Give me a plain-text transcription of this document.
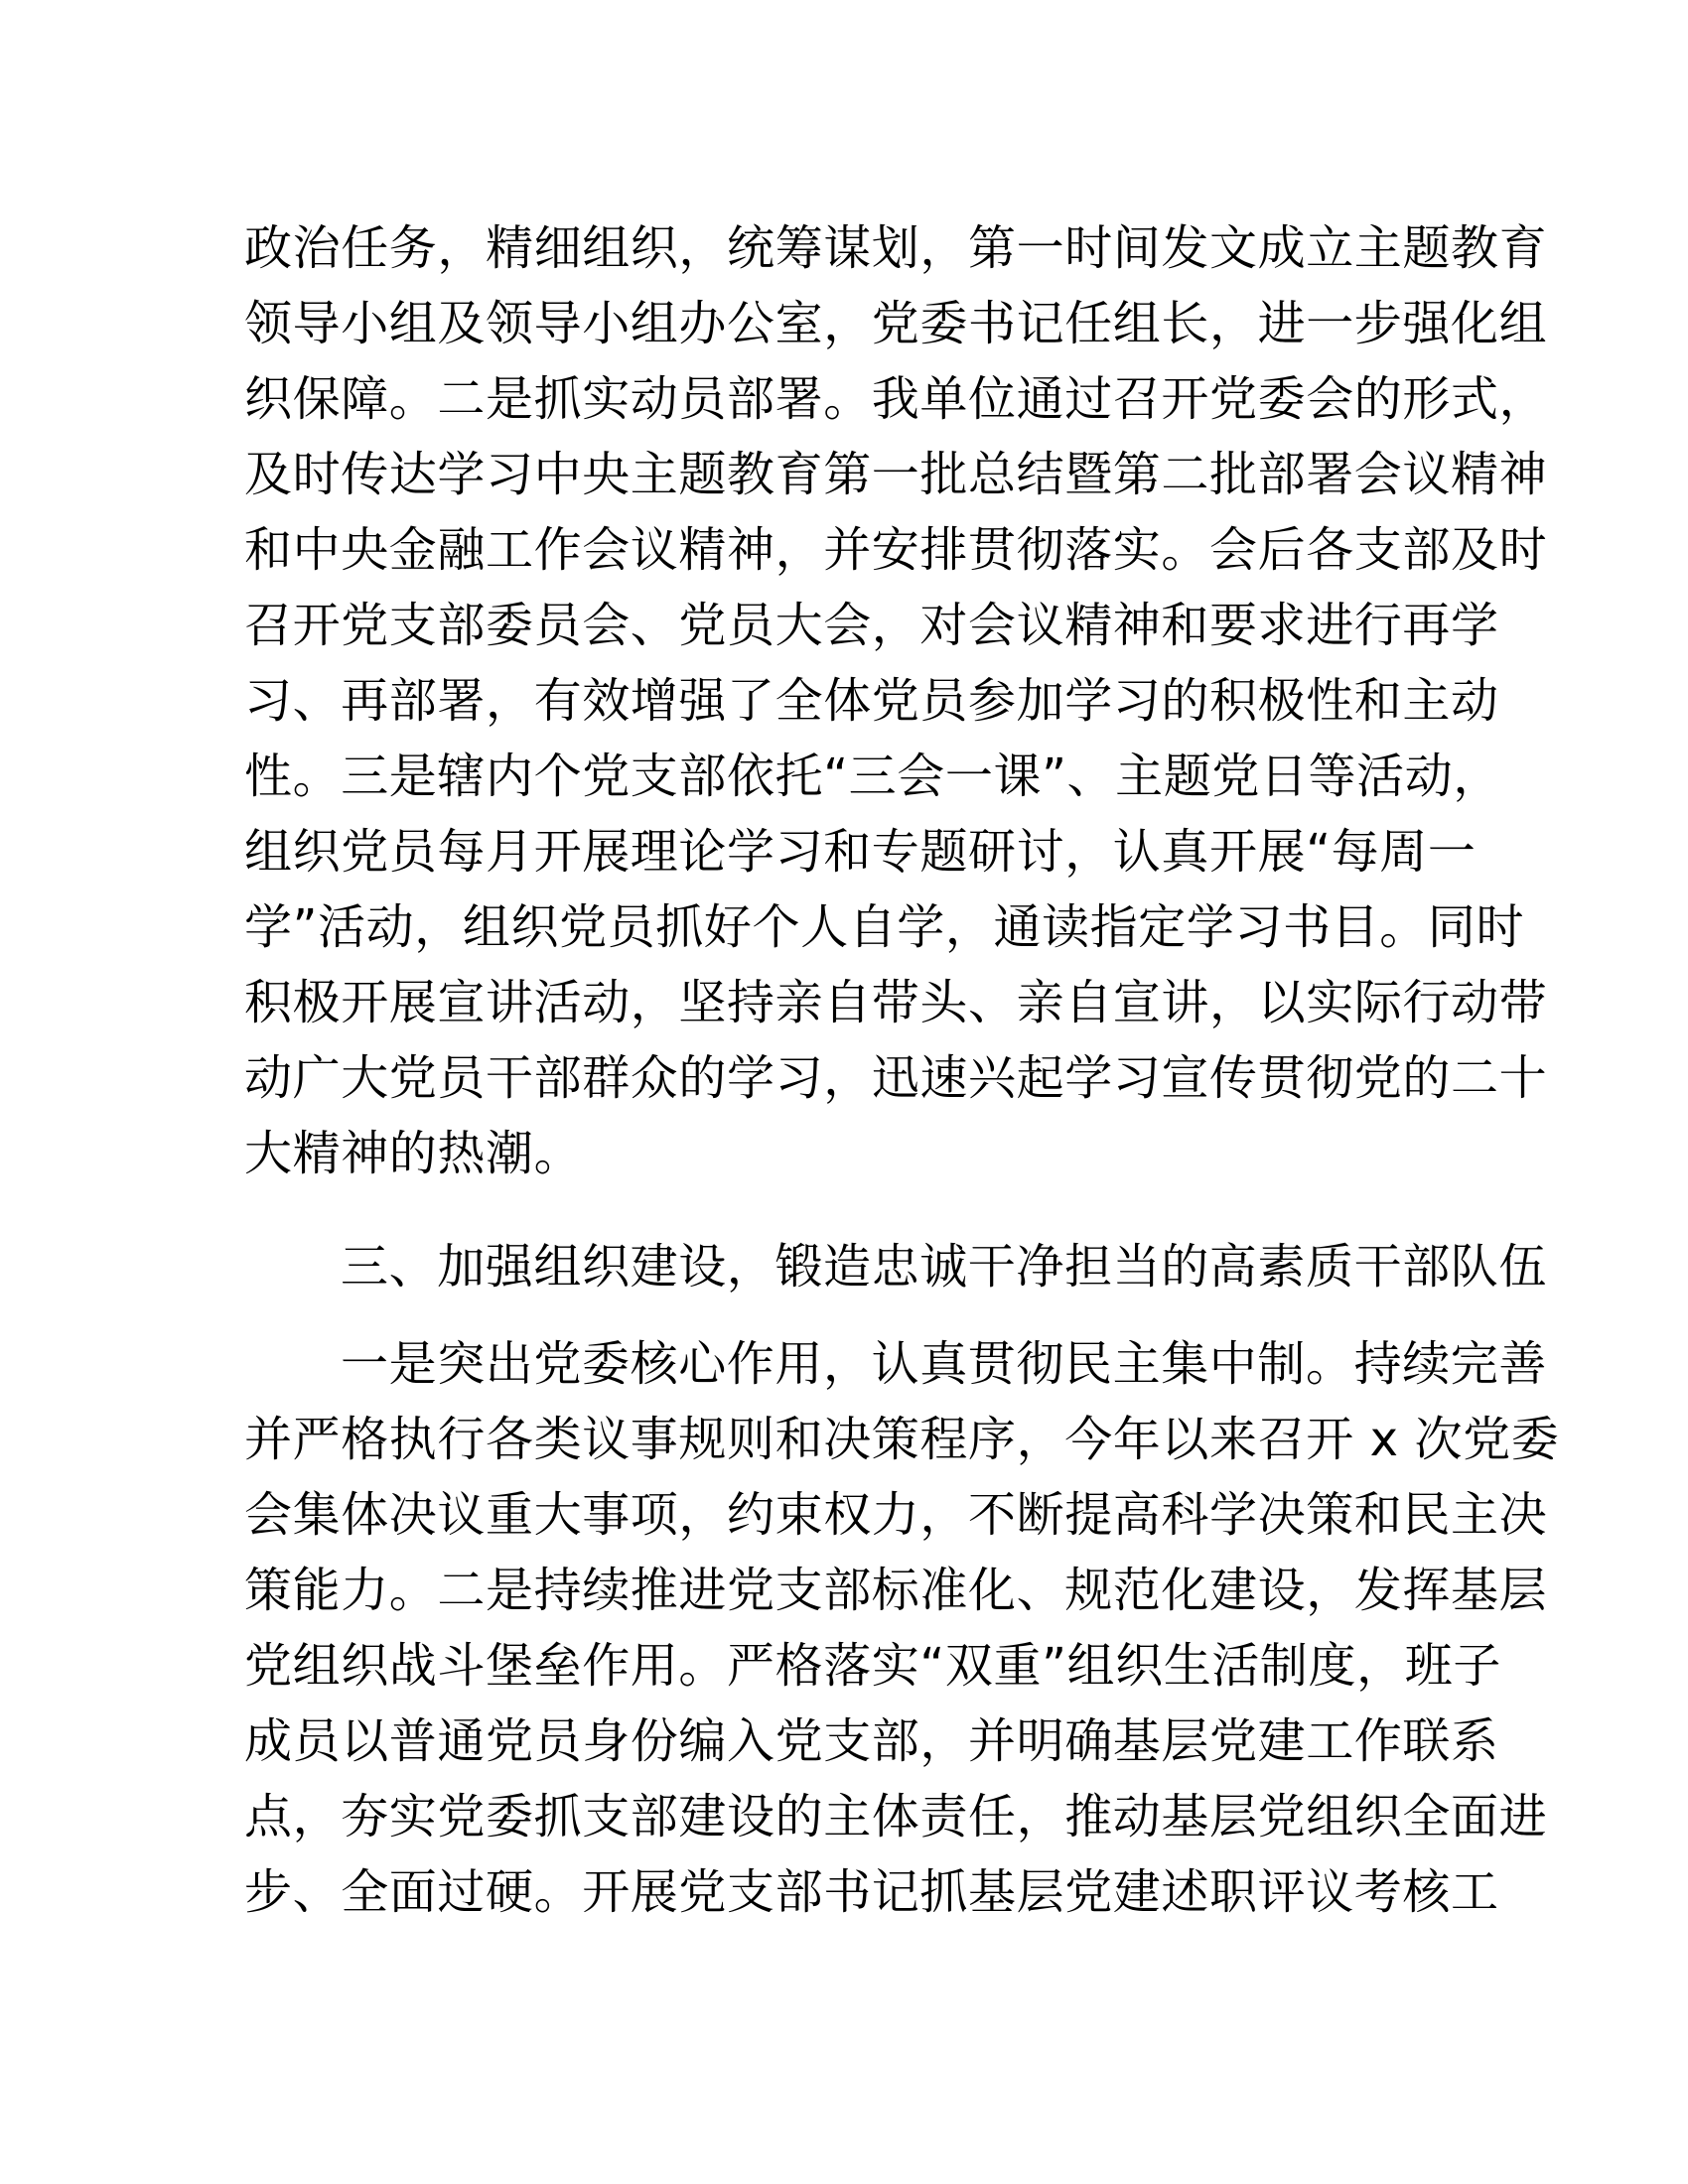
政治任务，精细组织，统筹谋划，第一时间发文成立主题教育
领导小组及领导小组办公室，党委书记任组长，进一步强化组
织保障。二是抓实动员部署。我单位通过召开党委会的形式，
及时传达学习中央主题教育第一批总结暨第二批部署会议精神
和中央金融工作会议精神，并安排贯彻落实。会后各支部及时
召开党支部委员会、党员大会，对会议精神和要求进行再学
习、再部署，有效增强了全体党员参加学习的积极性和主动
性。三是辖内个党支部依托“三会一课”、主题党日等活动，
组织党员每月开展理论学习和专题研讨，认真开展“每周一
学”活动，组织党员抓好个人自学，通读指定学习书目。同时
积极开展宣讲活动，坚持亲自带头、亲自宣讲，以实际行动带
动广大党员干部群众的学习，迅速兴起学习宣传贯彻党的二十
大精神的热潮。
三、加强组织建设，锻造忠诚干净担当的高素质干部队伍
一是突出党委核心作用，认真贯彻民主集中制。持续完善
并严格执行各类议事规则和决策程序，今年以来召开 x 次党委
会集体决议重大事项，约束权力，不断提高科学决策和民主决
策能力。二是持续推进党支部标准化、规范化建设，发挥基层
党组织战斗堡垒作用。严格落实“双重”组织生活制度，班子
成员以普通党员身份编入党支部，并明确基层党建工作联系
点，夯实党委抓支部建设的主体责任，推动基层党组织全面进
步、全面过硬。开展党支部书记抓基层党建述职评议考核工
